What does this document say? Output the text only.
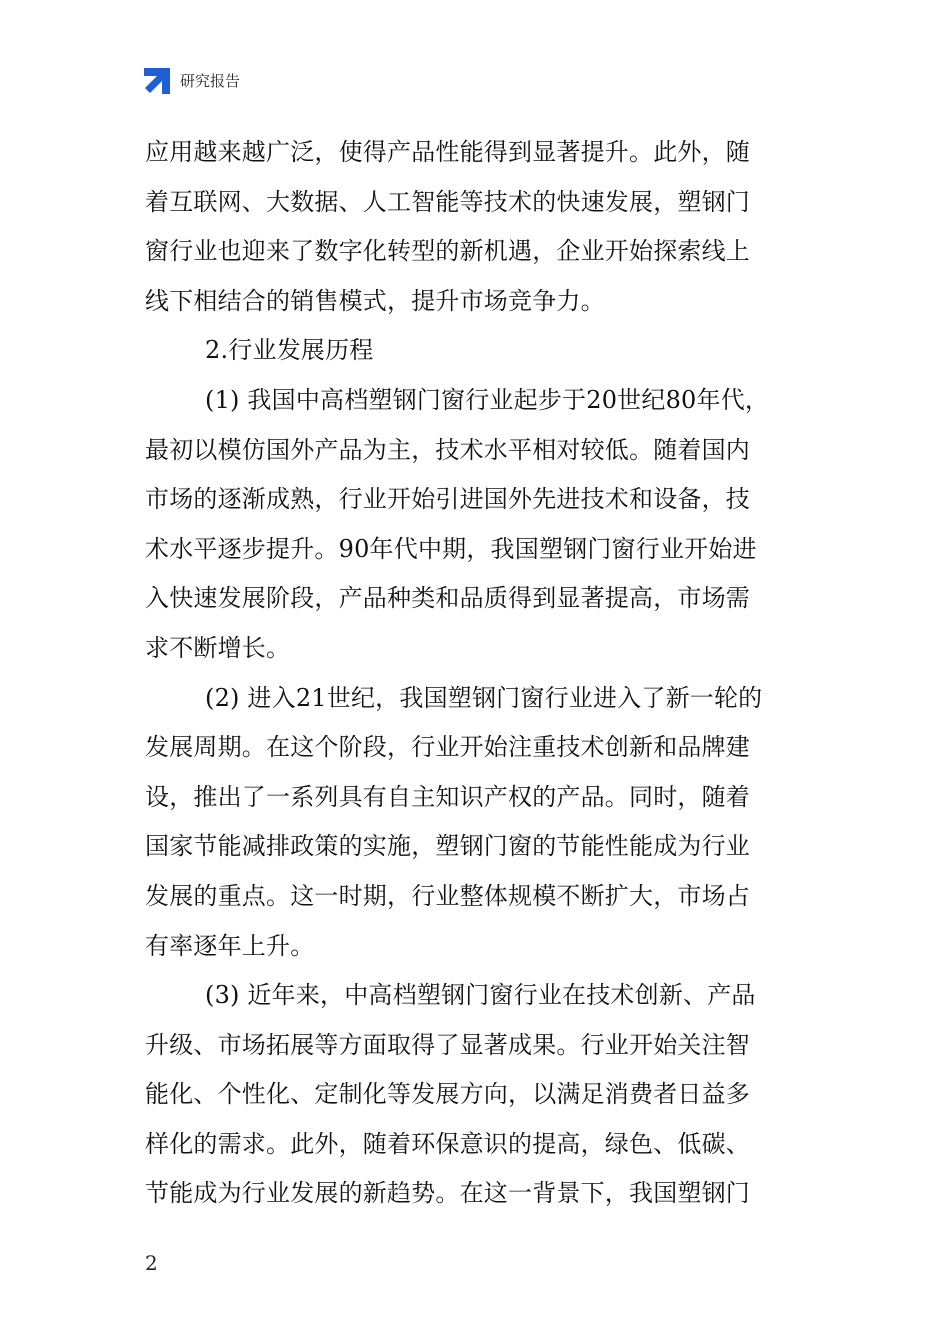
研究报告
应用越来越广泛，使得产品性能得到显著提升。此外，随
着互联网、大数据、人工智能等技术的快速发展，塑钢门
窗行业也迎来了数字化转型的新机遇，企业开始探索线上
线下相结合的销售模式，提升市场竞争力。
2.行业发展历程
(1) 我国中高档塑钢门窗行业起步于20世纪80年代，
最初以模仿国外产品为主，技术水平相对较低。随着国内
市场的逐渐成熟，行业开始引进国外先进技术和设备，技
术水平逐步提升。90年代中期，我国塑钢门窗行业开始进
入快速发展阶段，产品种类和品质得到显著提高，市场需
求不断增长。
(2) 进入21世纪，我国塑钢门窗行业进入了新一轮的
发展周期。在这个阶段，行业开始注重技术创新和品牌建
设，推出了一系列具有自主知识产权的产品。同时，随着
国家节能减排政策的实施，塑钢门窗的节能性能成为行业
发展的重点。这一时期，行业整体规模不断扩大，市场占
有率逐年上升。
(3) 近年来，中高档塑钢门窗行业在技术创新、产品
升级、市场拓展等方面取得了显著成果。行业开始关注智
能化、个性化、定制化等发展方向，以满足消费者日益多
样化的需求。此外，随着环保意识的提高，绿色、低碳、
节能成为行业发展的新趋势。在这一背景下，我国塑钢门
2
